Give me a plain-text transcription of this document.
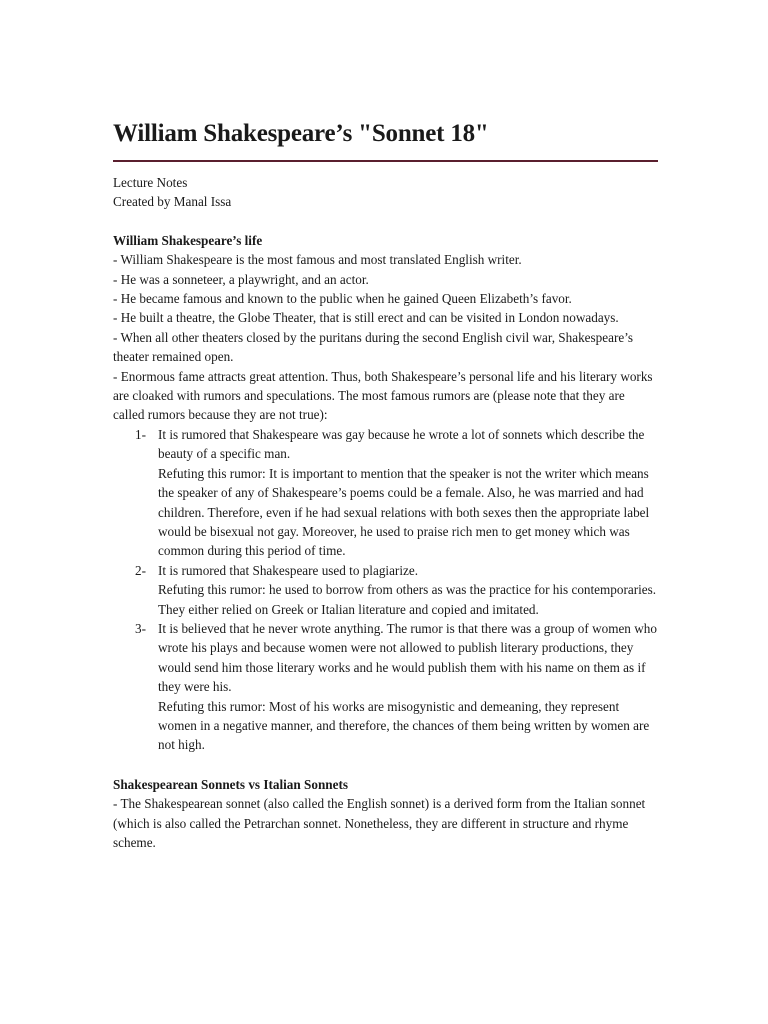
William Shakespeare’s "Sonnet 18"
Lecture Notes
Created by Manal Issa
William Shakespeare’s life

- William Shakespeare is the most famous and most translated English writer.

- He was a sonneteer, a playwright, and an actor.

- He became famous and known to the public when he gained Queen Elizabeth’s favor.

- He built a theatre, the Globe Theater, that is still erect and can be visited in London nowadays.

- When all other theaters closed by the puritans during the second English civil war, Shakespeare’s theater remained open.

- Enormous fame attracts great attention. Thus, both Shakespeare’s personal life and his literary works are cloaked with rumors and speculations. The most famous rumors are (please note that they are called rumors because they are not true):

1- It is rumored that Shakespeare was gay because he wrote a lot of sonnets which describe the beauty of a specific man.
Refuting this rumor: It is important to mention that the speaker is not the writer which means the speaker of any of Shakespeare’s poems could be a female. Also, he was married and had children. Therefore, even if he had sexual relations with both sexes then the appropriate label would be bisexual not gay. Moreover, he used to praise rich men to get money which was common during this period of time.
2- It is rumored that Shakespeare used to plagiarize.
Refuting this rumor: he used to borrow from others as was the practice for his contemporaries. They either relied on Greek or Italian literature and copied and imitated.
3- It is believed that he never wrote anything. The rumor is that there was a group of women who wrote his plays and because women were not allowed to publish literary productions, they would send him those literary works and he would publish them with his name on them as if they were his.
Refuting this rumor: Most of his works are misogynistic and demeaning, they represent women in a negative manner, and therefore, the chances of them being written by women are not high.
Shakespearean Sonnets vs Italian Sonnets

- The Shakespearean sonnet (also called the English sonnet) is a derived form from the Italian sonnet (which is also called the Petrarchan sonnet. Nonetheless, they are different in structure and rhyme scheme.
